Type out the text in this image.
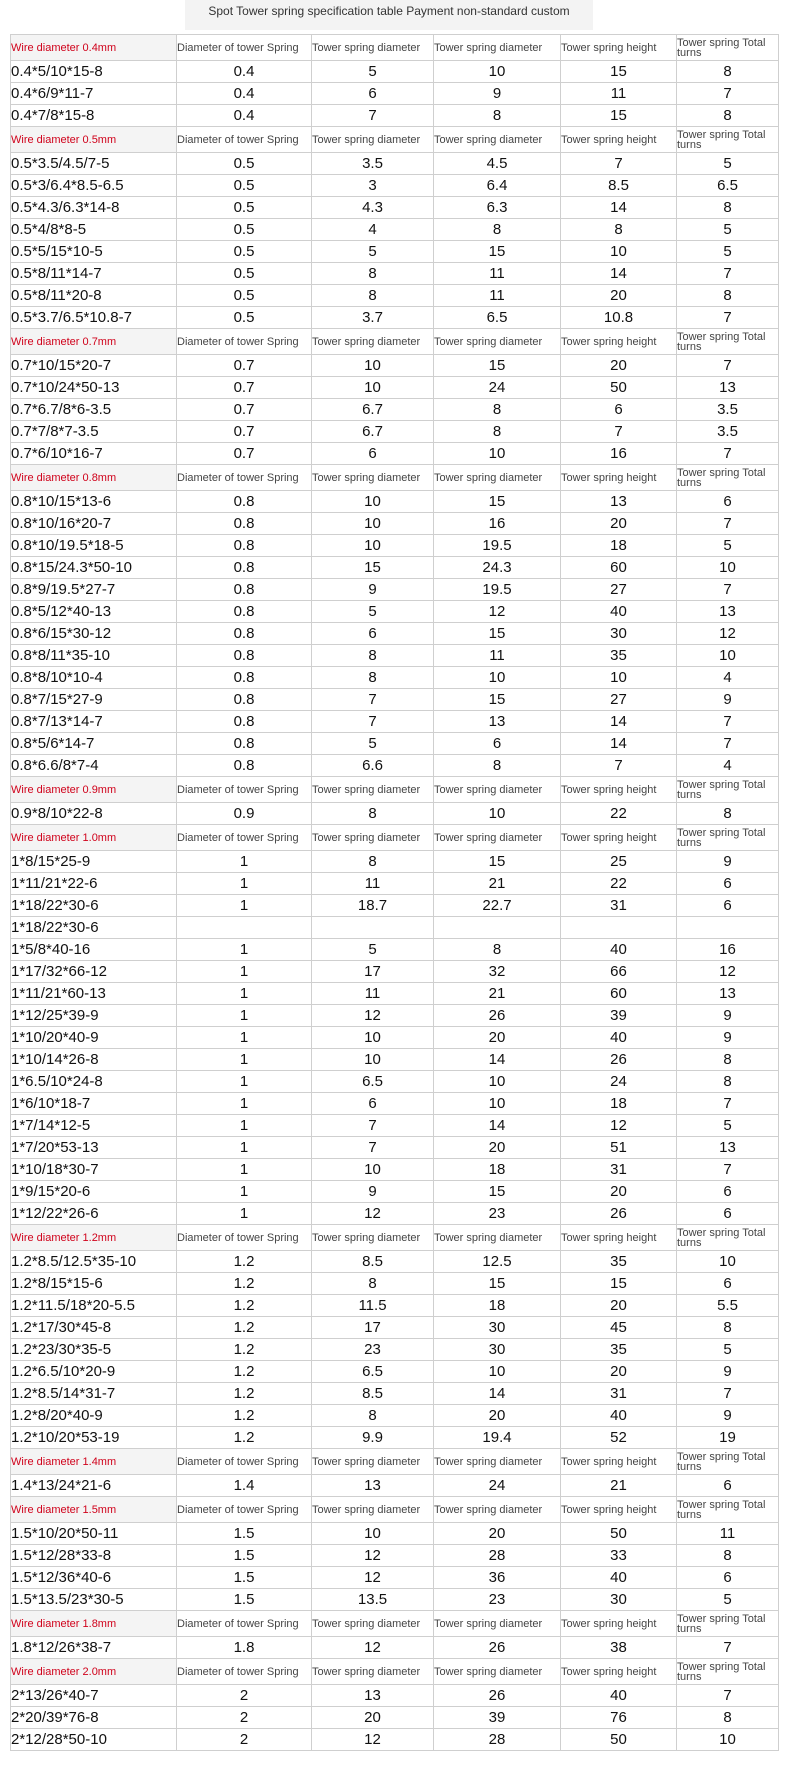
Spot Tower spring specification table Payment non-standard custom
Wire diameter 0.4mm	Diameter of tower Spring	Tower spring diameter	Tower spring diameter	Tower spring height	Tower spring Total turns
0.4*5/10*15-8	0.4	5	10	15	8
0.4*6/9*11-7	0.4	6	9	11	7
0.4*7/8*15-8	0.4	7	8	15	8
Wire diameter 0.5mm	Diameter of tower Spring	Tower spring diameter	Tower spring diameter	Tower spring height	Tower spring Total turns
0.5*3.5/4.5/7-5	0.5	3.5	4.5	7	5
0.5*3/6.4*8.5-6.5	0.5	3	6.4	8.5	6.5
0.5*4.3/6.3*14-8	0.5	4.3	6.3	14	8
0.5*4/8*8-5	0.5	4	8	8	5
0.5*5/15*10-5	0.5	5	15	10	5
0.5*8/11*14-7	0.5	8	11	14	7
0.5*8/11*20-8	0.5	8	11	20	8
0.5*3.7/6.5*10.8-7	0.5	3.7	6.5	10.8	7
Wire diameter 0.7mm	Diameter of tower Spring	Tower spring diameter	Tower spring diameter	Tower spring height	Tower spring Total turns
0.7*10/15*20-7	0.7	10	15	20	7
0.7*10/24*50-13	0.7	10	24	50	13
0.7*6.7/8*6-3.5	0.7	6.7	8	6	3.5
0.7*7/8*7-3.5	0.7	6.7	8	7	3.5
0.7*6/10*16-7	0.7	6	10	16	7
Wire diameter 0.8mm	Diameter of tower Spring	Tower spring diameter	Tower spring diameter	Tower spring height	Tower spring Total turns
0.8*10/15*13-6	0.8	10	15	13	6
0.8*10/16*20-7	0.8	10	16	20	7
0.8*10/19.5*18-5	0.8	10	19.5	18	5
0.8*15/24.3*50-10	0.8	15	24.3	60	10
0.8*9/19.5*27-7	0.8	9	19.5	27	7
0.8*5/12*40-13	0.8	5	12	40	13
0.8*6/15*30-12	0.8	6	15	30	12
0.8*8/11*35-10	0.8	8	11	35	10
0.8*8/10*10-4	0.8	8	10	10	4
0.8*7/15*27-9	0.8	7	15	27	9
0.8*7/13*14-7	0.8	7	13	14	7
0.8*5/6*14-7	0.8	5	6	14	7
0.8*6.6/8*7-4	0.8	6.6	8	7	4
Wire diameter 0.9mm	Diameter of tower Spring	Tower spring diameter	Tower spring diameter	Tower spring height	Tower spring Total turns
0.9*8/10*22-8	0.9	8	10	22	8
Wire diameter 1.0mm	Diameter of tower Spring	Tower spring diameter	Tower spring diameter	Tower spring height	Tower spring Total turns
1*8/15*25-9	1	8	15	25	9
1*11/21*22-6	1	11	21	22	6
1*18/22*30-6	1	18.7	22.7	31	6
1*18/22*30-6					
1*5/8*40-16	1	5	8	40	16
1*17/32*66-12	1	17	32	66	12
1*11/21*60-13	1	11	21	60	13
1*12/25*39-9	1	12	26	39	9
1*10/20*40-9	1	10	20	40	9
1*10/14*26-8	1	10	14	26	8
1*6.5/10*24-8	1	6.5	10	24	8
1*6/10*18-7	1	6	10	18	7
1*7/14*12-5	1	7	14	12	5
1*7/20*53-13	1	7	20	51	13
1*10/18*30-7	1	10	18	31	7
1*9/15*20-6	1	9	15	20	6
1*12/22*26-6	1	12	23	26	6
Wire diameter 1.2mm	Diameter of tower Spring	Tower spring diameter	Tower spring diameter	Tower spring height	Tower spring Total turns
1.2*8.5/12.5*35-10	1.2	8.5	12.5	35	10
1.2*8/15*15-6	1.2	8	15	15	6
1.2*11.5/18*20-5.5	1.2	11.5	18	20	5.5
1.2*17/30*45-8	1.2	17	30	45	8
1.2*23/30*35-5	1.2	23	30	35	5
1.2*6.5/10*20-9	1.2	6.5	10	20	9
1.2*8.5/14*31-7	1.2	8.5	14	31	7
1.2*8/20*40-9	1.2	8	20	40	9
1.2*10/20*53-19	1.2	9.9	19.4	52	19
Wire diameter 1.4mm	Diameter of tower Spring	Tower spring diameter	Tower spring diameter	Tower spring height	Tower spring Total turns
1.4*13/24*21-6	1.4	13	24	21	6
Wire diameter 1.5mm	Diameter of tower Spring	Tower spring diameter	Tower spring diameter	Tower spring height	Tower spring Total turns
1.5*10/20*50-11	1.5	10	20	50	11
1.5*12/28*33-8	1.5	12	28	33	8
1.5*12/36*40-6	1.5	12	36	40	6
1.5*13.5/23*30-5	1.5	13.5	23	30	5
Wire diameter 1.8mm	Diameter of tower Spring	Tower spring diameter	Tower spring diameter	Tower spring height	Tower spring Total turns
1.8*12/26*38-7	1.8	12	26	38	7
Wire diameter 2.0mm	Diameter of tower Spring	Tower spring diameter	Tower spring diameter	Tower spring height	Tower spring Total turns
2*13/26*40-7	2	13	26	40	7
2*20/39*76-8	2	20	39	76	8
2*12/28*50-10	2	12	28	50	10
